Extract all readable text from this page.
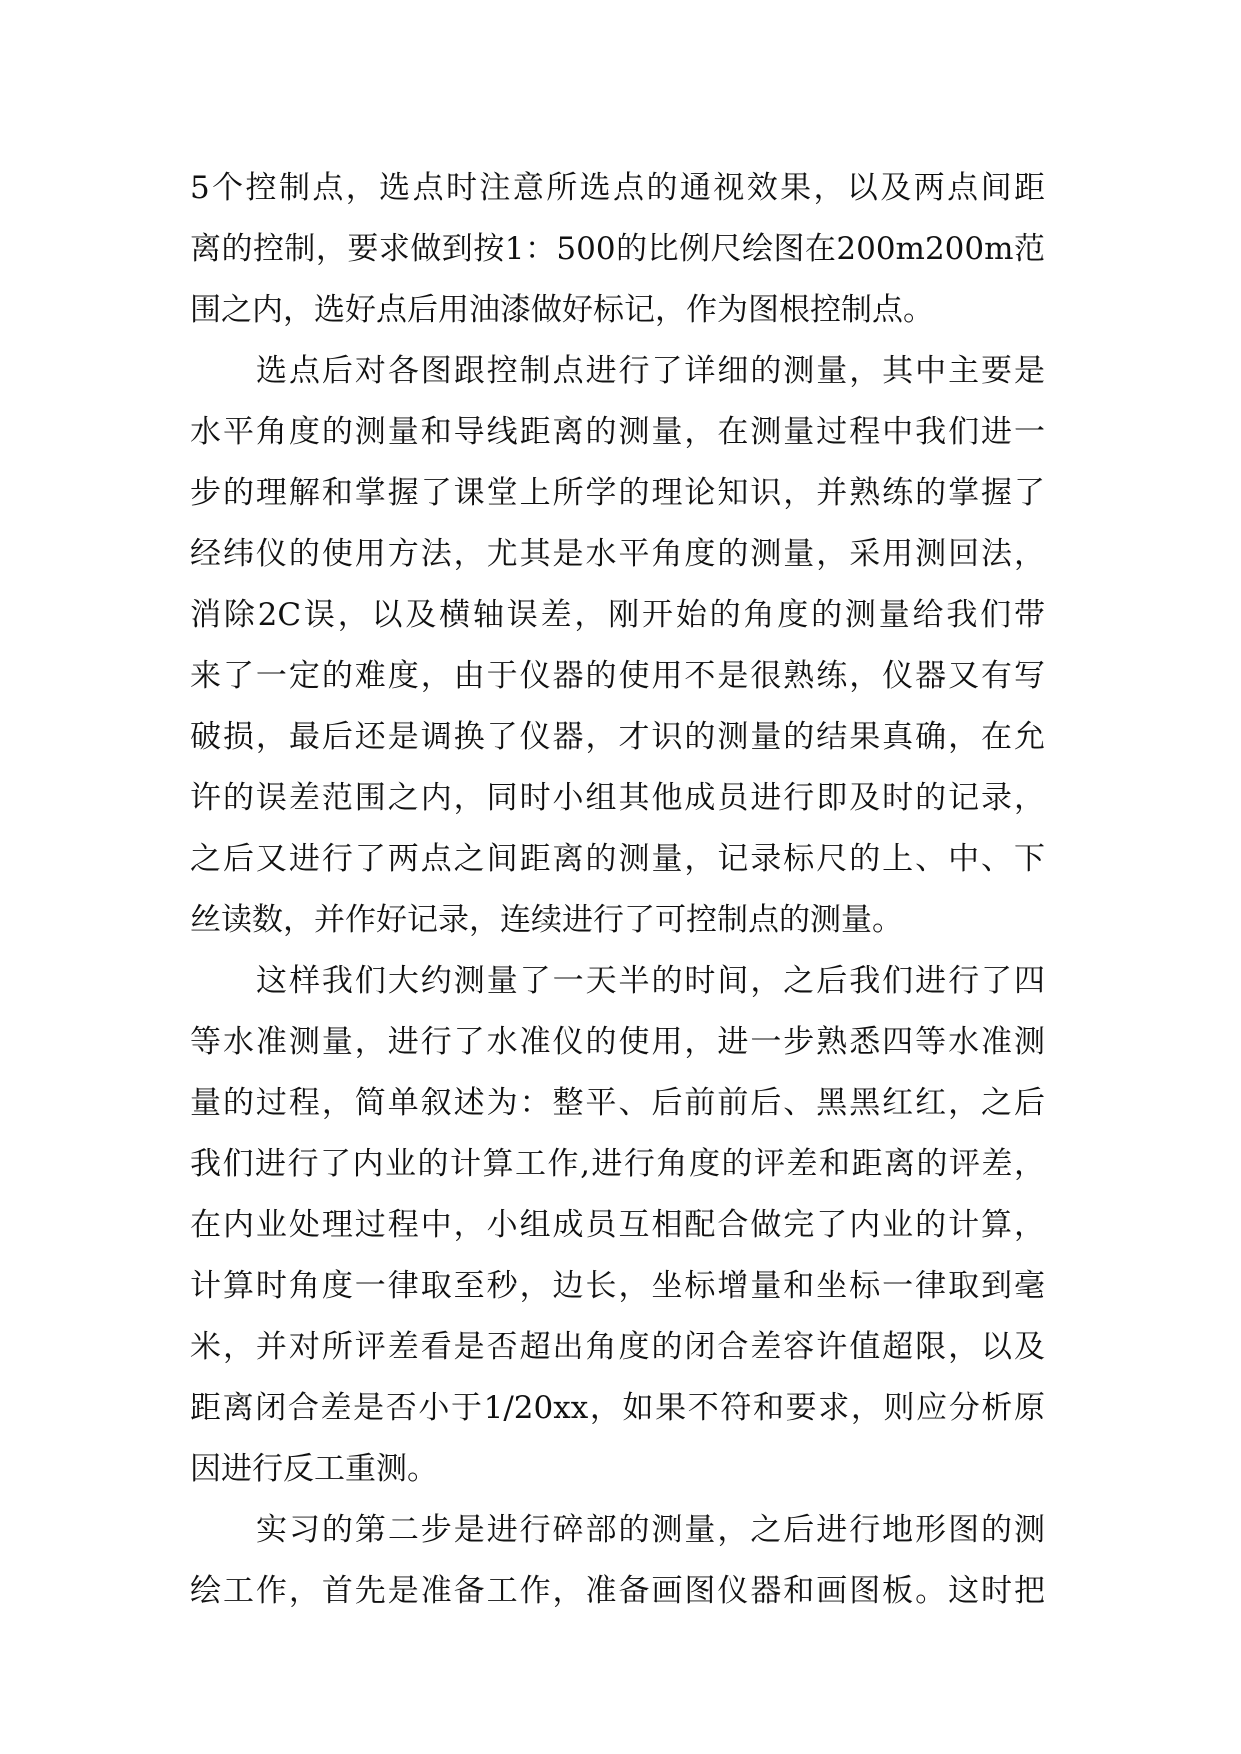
5个控制点，选点时注意所选点的通视效果，以及两点间距
离的控制，要求做到按1：500的比例尺绘图在200m200m范
围之内，选好点后用油漆做好标记，作为图根控制点。
选点后对各图跟控制点进行了详细的测量，其中主要是
水平角度的测量和导线距离的测量，在测量过程中我们进一
步的理解和掌握了课堂上所学的理论知识，并熟练的掌握了
经纬仪的使用方法，尤其是水平角度的测量，采用测回法，
消除2C误，以及横轴误差，刚开始的角度的测量给我们带
来了一定的难度，由于仪器的使用不是很熟练，仪器又有写
破损，最后还是调换了仪器，才识的测量的结果真确，在允
许的误差范围之内，同时小组其他成员进行即及时的记录，
之后又进行了两点之间距离的测量，记录标尺的上、中、下
丝读数，并作好记录，连续进行了可控制点的测量。
这样我们大约测量了一天半的时间，之后我们进行了四
等水准测量，进行了水准仪的使用，进一步熟悉四等水准测
量的过程，简单叙述为：整平、后前前后、黑黑红红，之后
我们进行了内业的计算工作,进行角度的评差和距离的评差，
在内业处理过程中，小组成员互相配合做完了内业的计算，
计算时角度一律取至秒，边长，坐标增量和坐标一律取到毫
米，并对所评差看是否超出角度的闭合差容许值超限，以及
距离闭合差是否小于1/20xx，如果不符和要求，则应分析原
因进行反工重测。
实习的第二步是进行碎部的测量，之后进行地形图的测
绘工作，首先是准备工作，准备画图仪器和画图板。这时把
